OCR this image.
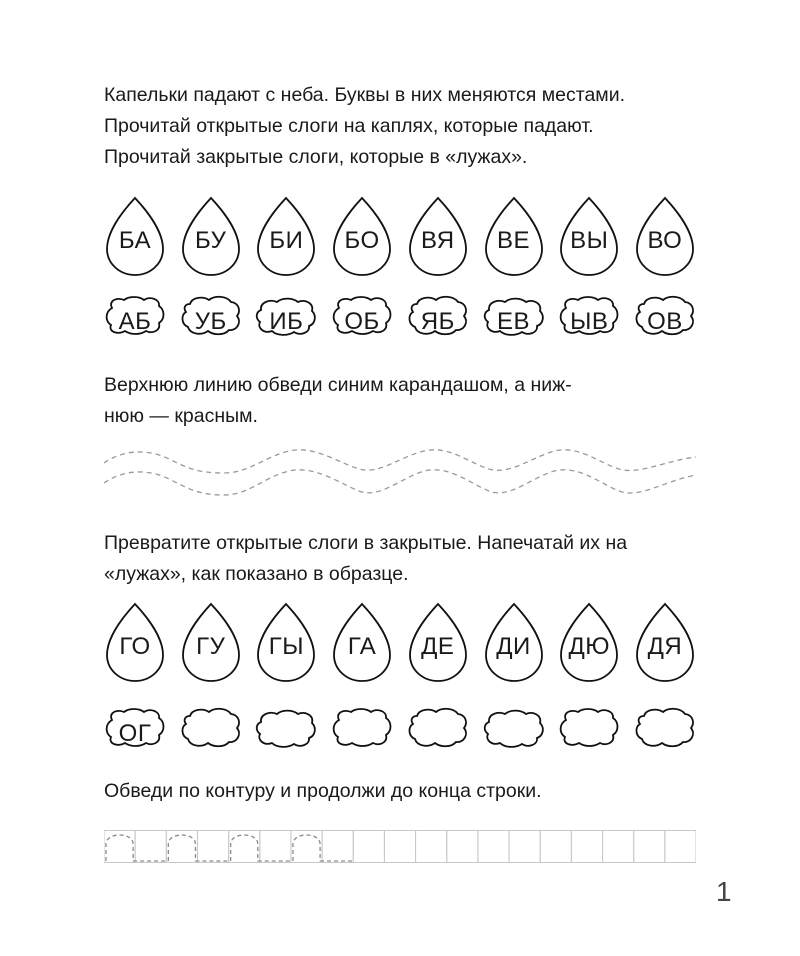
Капельки падают с неба. Буквы в них меняются местами.
Прочитай открытые слоги на каплях, которые падают.
Прочитай закрытые слоги, которые в «лужах».

БА	БУ	БИ	БО	ВЯ	ВЕ	ВЫ	ВО
АБ	УБ	ИБ	ОБ	ЯБ	ЕВ	ЫВ	ОВ

Верхнюю линию обведи синим карандашом, а ниж-
нюю — красным.

Превратите открытые слоги в закрытые. Напечатай их на
«лужах», как показано в образце.

ГО	ГУ	ГЫ	ГА	ДЕ	ДИ	ДЮ	ДЯ
ОГ

Обведи по контуру и продолжи до конца строки.

1
